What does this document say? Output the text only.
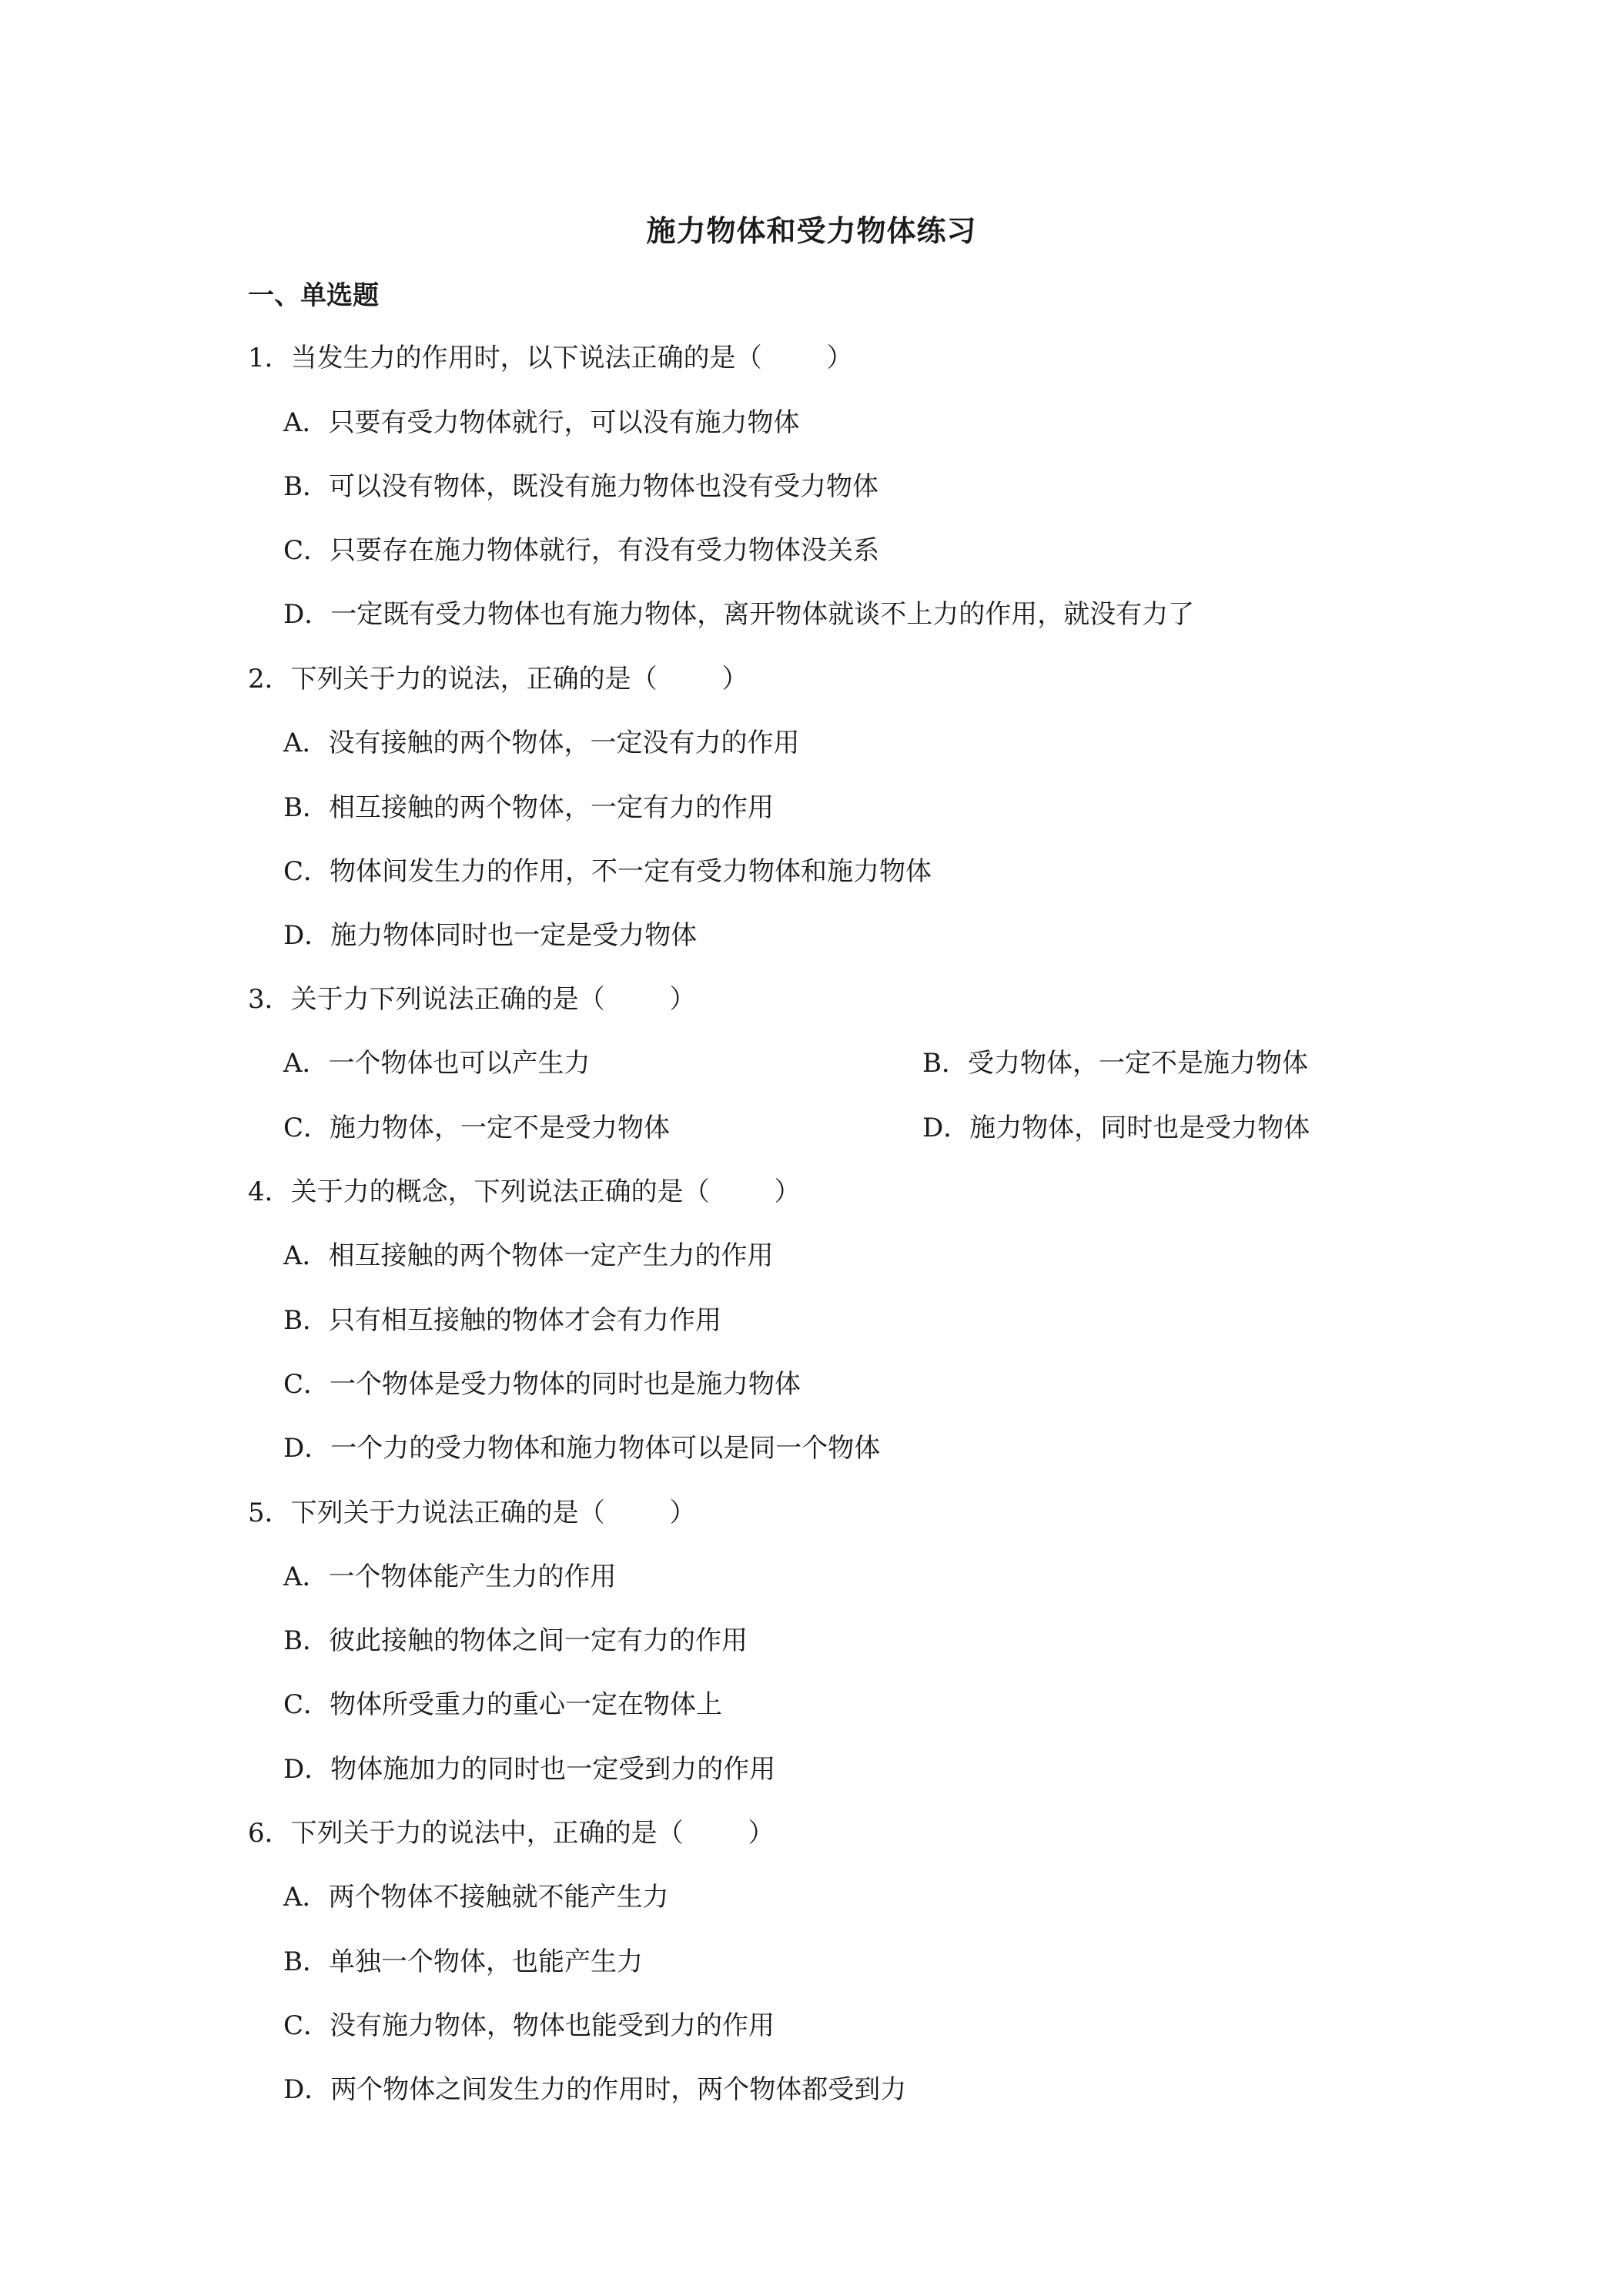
施力物体和受力物体练习
一、单选题
1．当发生力的作用时，以下说法正确的是（ ）
A．只要有受力物体就行，可以没有施力物体
B．可以没有物体，既没有施力物体也没有受力物体
C．只要存在施力物体就行，有没有受力物体没关系
D．一定既有受力物体也有施力物体，离开物体就谈不上力的作用，就没有力了
2．下列关于力的说法，正确的是（ ）
A．没有接触的两个物体，一定没有力的作用
B．相互接触的两个物体，一定有力的作用
C．物体间发生力的作用，不一定有受力物体和施力物体
D．施力物体同时也一定是受力物体
3．关于力下列说法正确的是（ ）
A．一个物体也可以产生力	B．受力物体，一定不是施力物体
C．施力物体，一定不是受力物体	D．施力物体，同时也是受力物体
4．关于力的概念，下列说法正确的是（ ）
A．相互接触的两个物体一定产生力的作用
B．只有相互接触的物体才会有力作用
C．一个物体是受力物体的同时也是施力物体
D．一个力的受力物体和施力物体可以是同一个物体
5．下列关于力说法正确的是（ ）
A．一个物体能产生力的作用
B．彼此接触的物体之间一定有力的作用
C．物体所受重力的重心一定在物体上
D．物体施加力的同时也一定受到力的作用
6．下列关于力的说法中，正确的是（ ）
A．两个物体不接触就不能产生力
B．单独一个物体，也能产生力
C．没有施力物体，物体也能受到力的作用
D．两个物体之间发生力的作用时，两个物体都受到力
